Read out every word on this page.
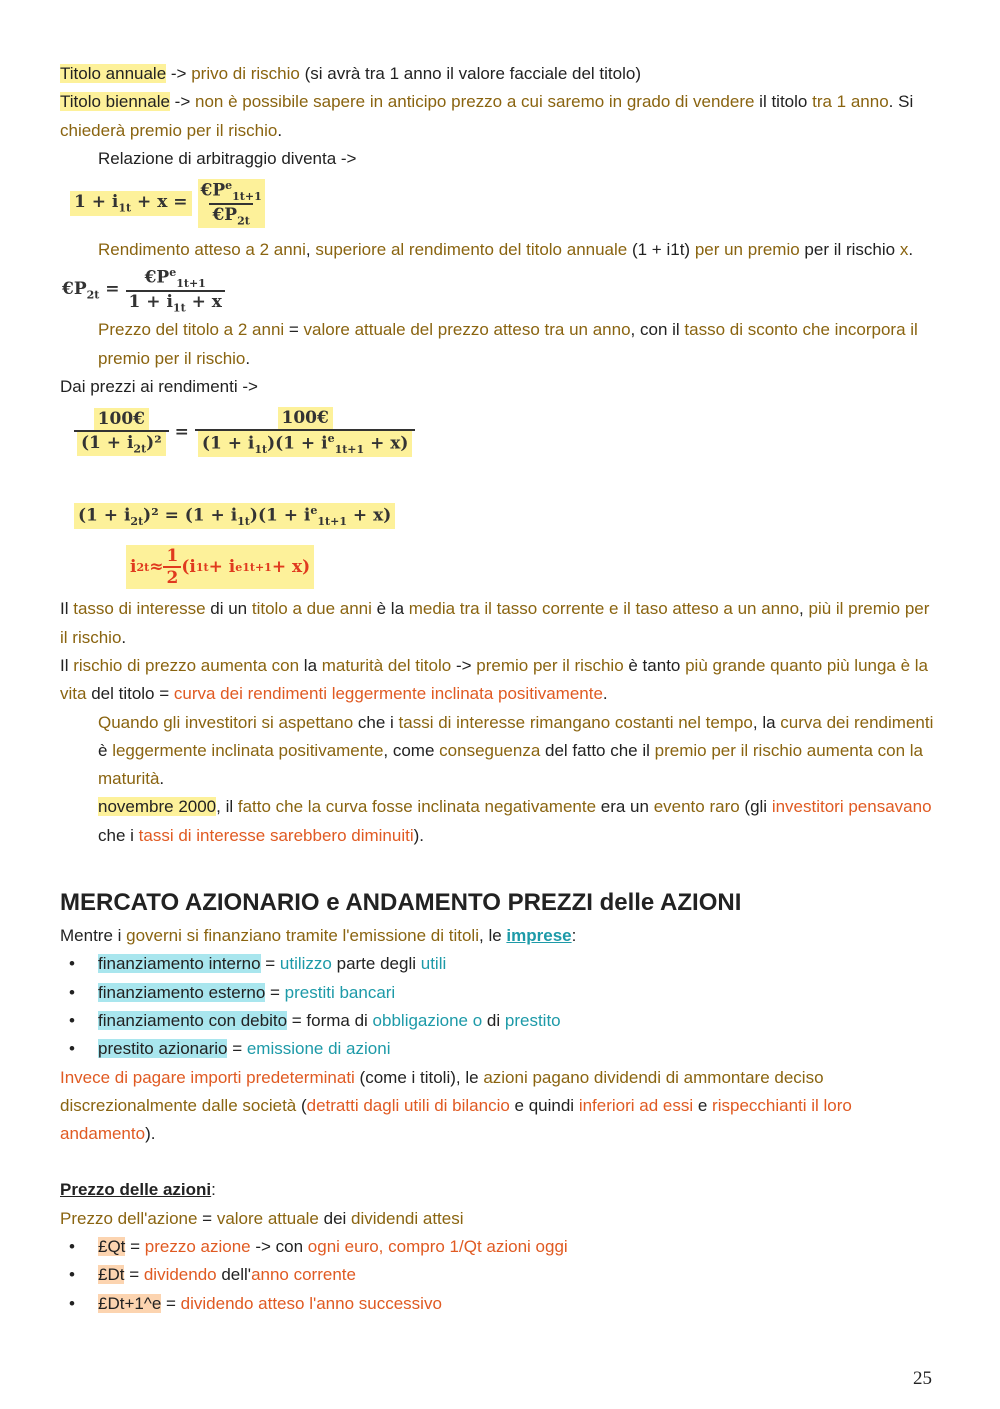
Titolo annuale -> privo di rischio (si avrà tra 1 anno il valore facciale del titolo)

Titolo biennale -> non è possibile sapere in anticipo prezzo a cui saremo in grado di vendere il titolo tra 1 anno. Si chiederà premio per il rischio.

Relazione di arbitraggio diventa ->

$1 + i_{1t} + x = \frac{€P^e_{1t+1}}{€P_{2t}}$

Rendimento atteso a 2 anni, superiore al rendimento del titolo annuale (1 + i1t) per un premio per il rischio x.

$€P_{2t} = \frac{€P^e_{1t+1}}{1 + i_{1t} + x}$

Prezzo del titolo a 2 anni = valore attuale del prezzo atteso tra un anno, con il tasso di sconto che incorpora il premio per il rischio.

Dai prezzi ai rendimenti ->

$\frac{100€}{(1 + i_{2t})^2} = \frac{100€}{(1 + i_{1t})(1 + i^e_{1t+1} + x)}$
$(1 + i_{2t})^2 = (1 + i_{1t})(1 + i^e_{1t+1} + x)$
i $2t \approx \frac{1}{2} (i$ 1t + i e 1t+1 + x)

Il tasso di interesse di un titolo a due anni è la media tra il tasso corrente e il taso atteso a un anno, più il premio per il rischio.

Il rischio di prezzo aumenta con la maturità del titolo -> premio per il rischio è tanto più grande quanto più lunga è la vita del titolo = curva dei rendimenti leggermente inclinata positivamente.

Quando gli investitori si aspettano che i tassi di interesse rimangano costanti nel tempo, la curva dei rendimenti è leggermente inclinata positivamente, come conseguenza del fatto che il premio per il rischio aumenta con la maturità.

novembre 2000, il fatto che la curva fosse inclinata negativamente era un evento raro (gli investitori pensavano che i tassi di interesse sarebbero diminuiti).

MERCATO AZIONARIO e ANDAMENTO PREZZI delle AZIONI

Mentre i governi si finanziano tramite l'emissione di titoli, le imprese:

• finanziamento interno = utilizzo parte degli utili
• finanziamento esterno = prestiti bancari
• finanziamento con debito = forma di obbligazione o di prestito
• prestito azionario = emissione di azioni

Invece di pagare importi predeterminati (come i titoli), le azioni pagano dividendi di ammontare deciso discrezionalmente dalle società (detratti dagli utili di bilancio e quindi inferiori ad essi e rispecchianti il loro andamento).

Prezzo delle azioni:

Prezzo dell'azione = valore attuale dei dividendi attesi

• £Qt = prezzo azione -> con ogni euro, compro 1/Qt azioni oggi
• £Dt = dividendo dell'anno corrente
• £Dt+1^e = dividendo atteso l'anno successivo
25
